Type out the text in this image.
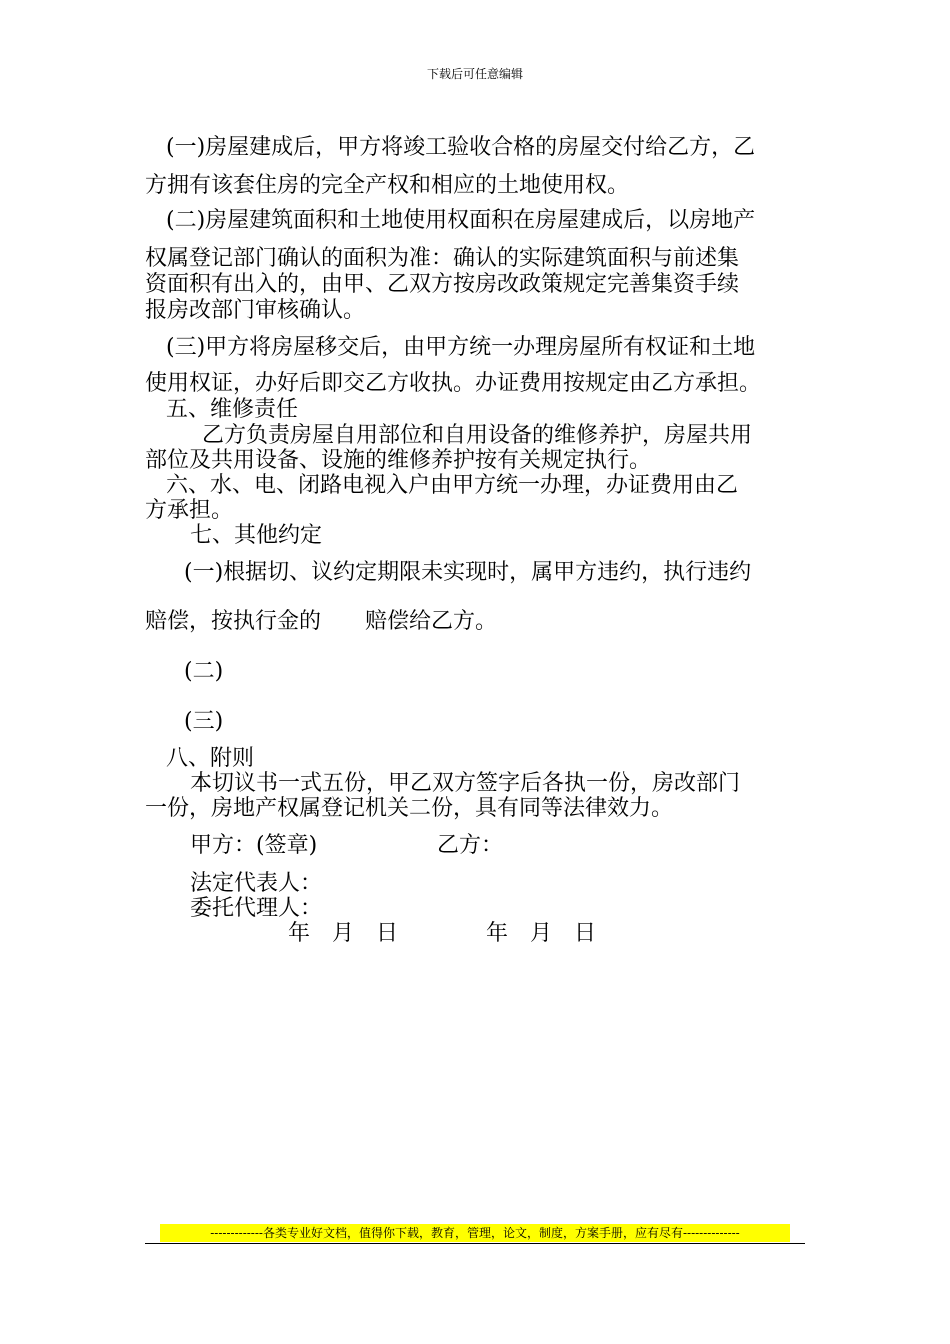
下载后可任意编辑
(一)房屋建成后，甲方将竣工验收合格的房屋交付给乙方，乙
方拥有该套住房的完全产权和相应的土地使用权。
(二)房屋建筑面积和土地使用权面积在房屋建成后，以房地产
权属登记部门确认的面积为准：确认的实际建筑面积与前述集
资面积有出入的，由甲、乙双方按房改政策规定完善集资手续
报房改部门审核确认。
(三)甲方将房屋移交后，由甲方统一办理房屋所有权证和土地
使用权证，办好后即交乙方收执。办证费用按规定由乙方承担。
五、维修责任
乙方负责房屋自用部位和自用设备的维修养护，房屋共用
部位及共用设备、设施的维修养护按有关规定执行。
六、水、电、闭路电视入户由甲方统一办理，办证费用由乙
方承担。
七、其他约定
(一)根据切、议约定期限未实现时，属甲方违约，执行违约
赔偿，按执行金的　　赔偿给乙方。
(二)
(三)
八、附则
本切议书一式五份，甲乙双方签字后各执一份，房改部门
一份，房地产权属登记机关二份，具有同等法律效力。
甲方：(签章)	乙方：
法定代表人：
委托代理人：
年　月　日	年　月　日
-------------各类专业好文档，值得你下载，教育，管理，论文，制度，方案手册，应有尽有--------------
